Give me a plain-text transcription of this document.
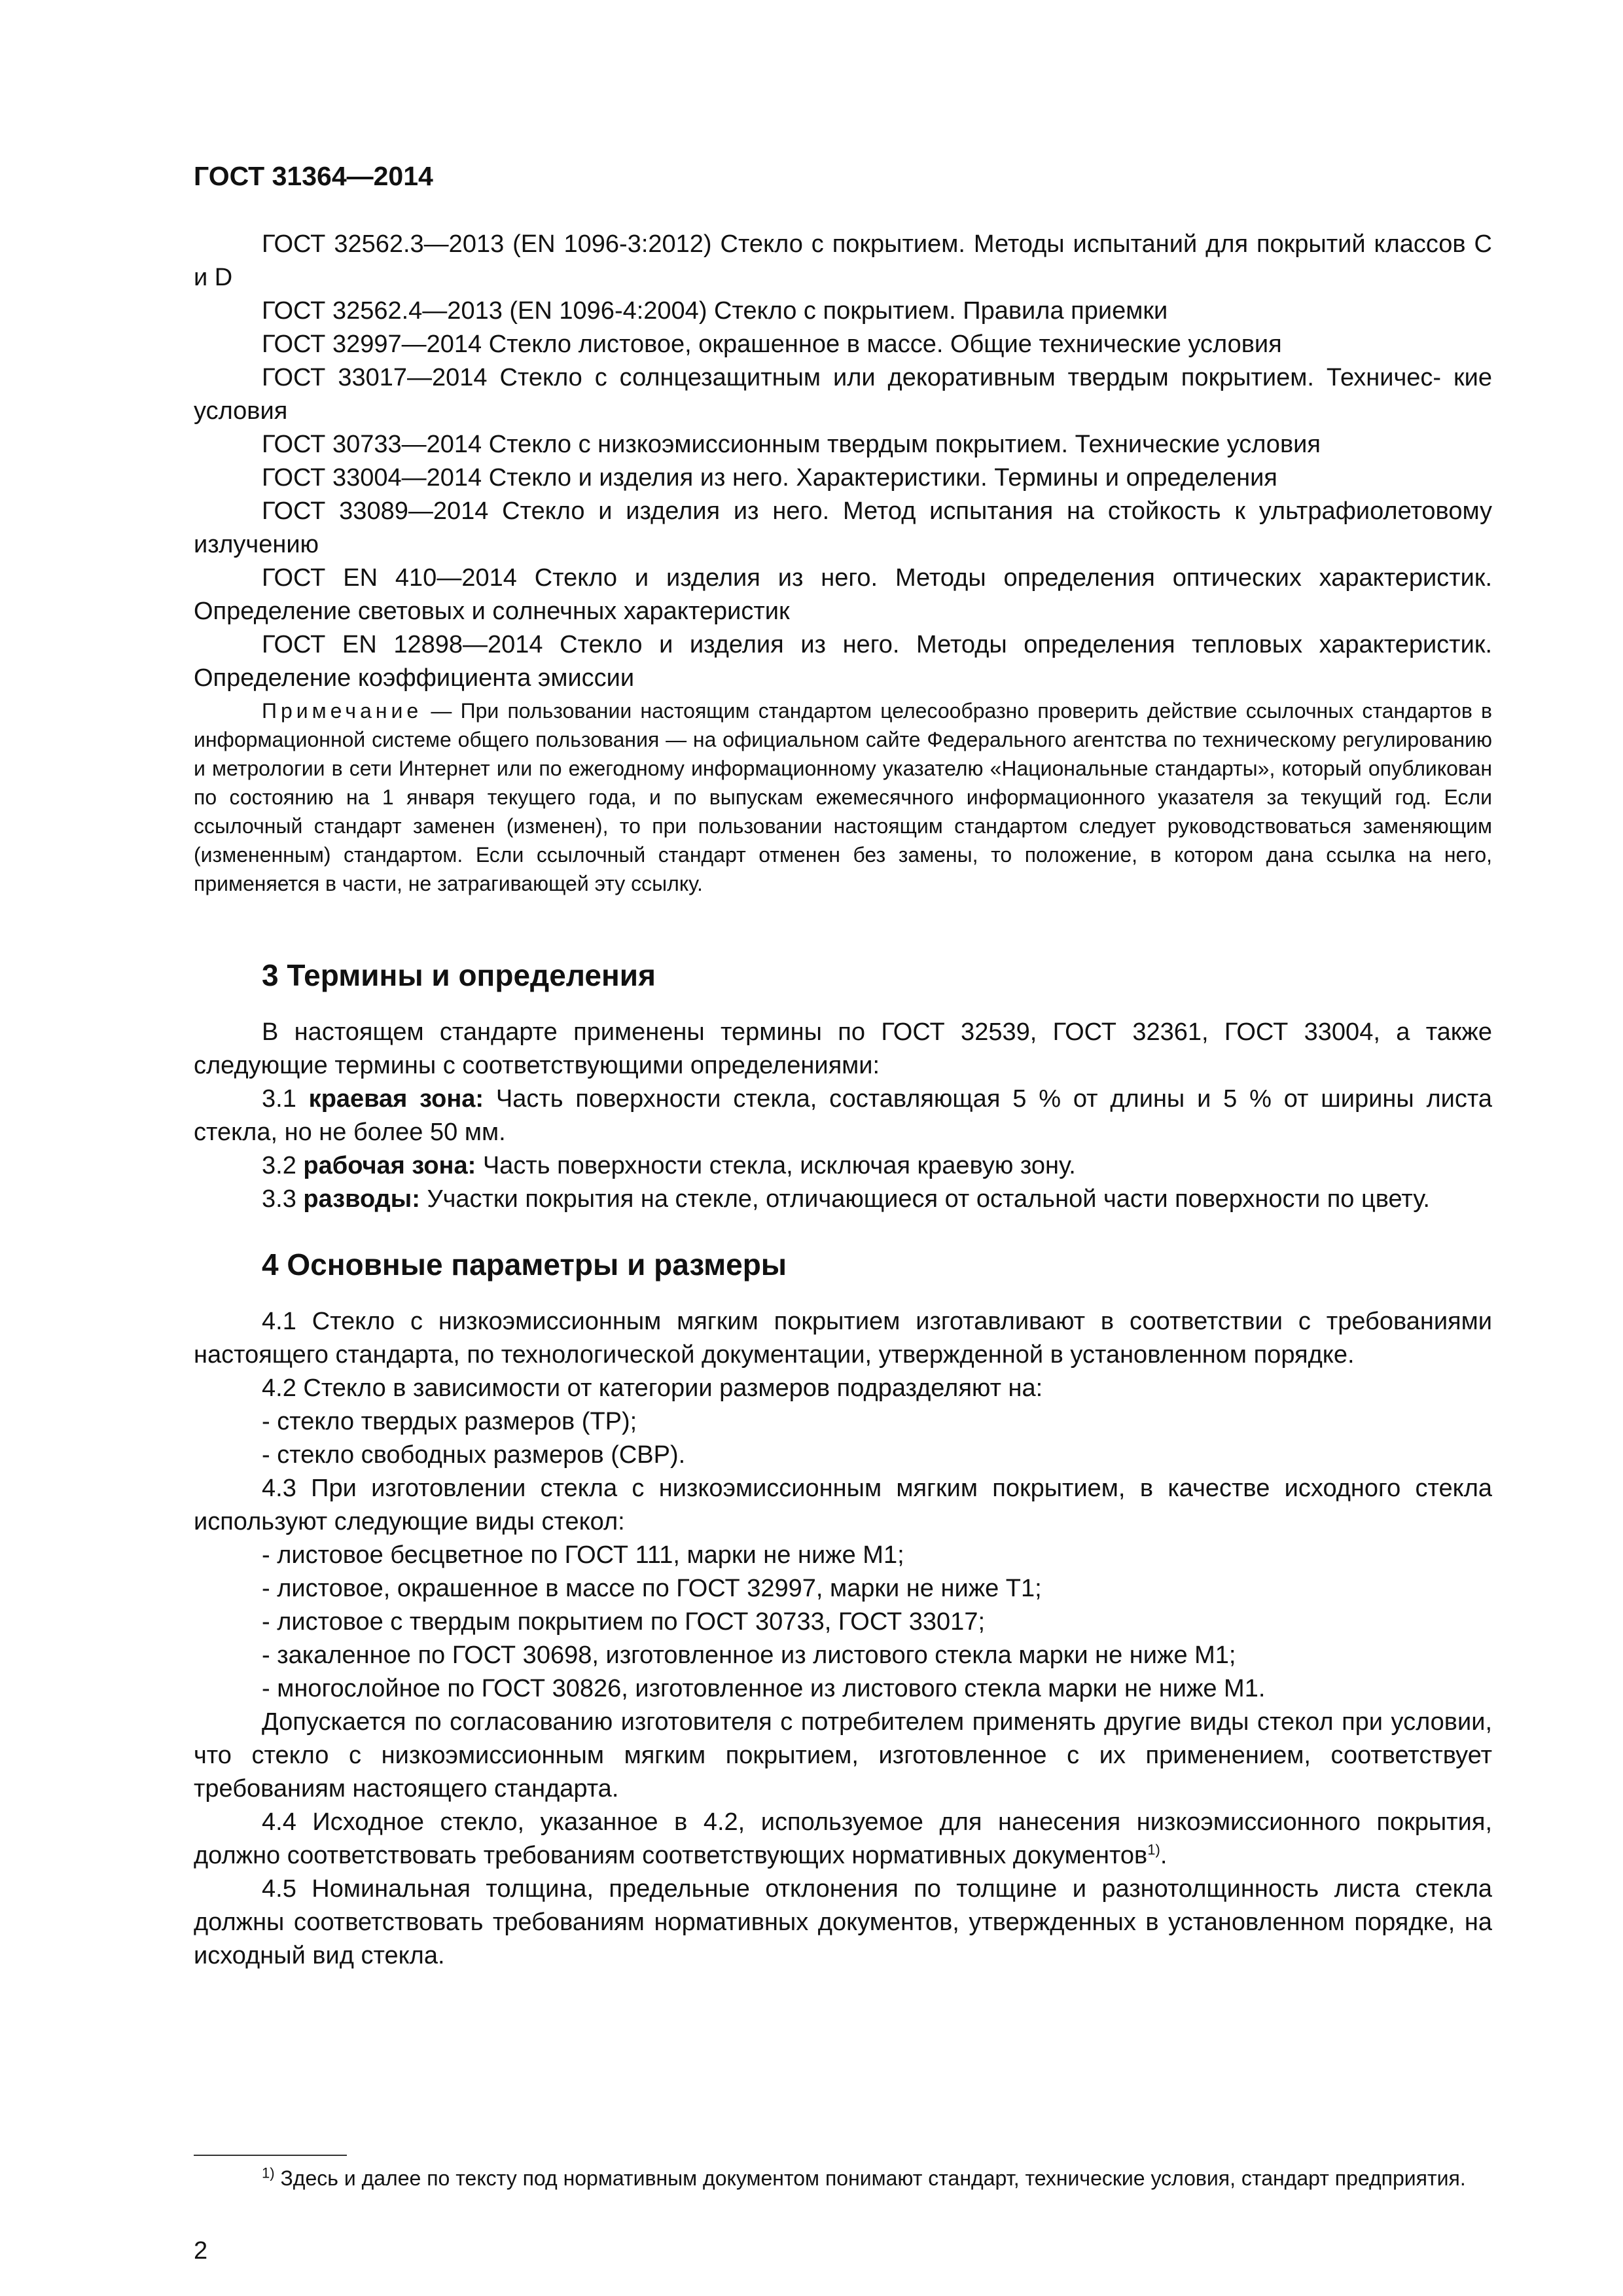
ГОСТ 31364—2014

ГОСТ 32562.3—2013 (EN 1096-3:2012) Стекло с покрытием. Методы испытаний для покрытий классов C и D

ГОСТ 32562.4—2013 (EN 1096-4:2004) Стекло с покрытием. Правила приемки

ГОСТ 32997—2014 Стекло листовое, окрашенное в массе. Общие технические условия

ГОСТ 33017—2014 Стекло с солнцезащитным или декоративным твердым покрытием. Техничес- кие условия

ГОСТ 30733—2014 Стекло с низкоэмиссионным твердым покрытием. Технические условия

ГОСТ 33004—2014 Стекло и изделия из него. Характеристики. Термины и определения

ГОСТ 33089—2014 Стекло и изделия из него. Метод испытания на стойкость к ультрафиолетовому излучению

ГОСТ EN 410—2014 Стекло и изделия из него. Методы определения оптических характеристик. Определение световых и солнечных характеристик

ГОСТ EN 12898—2014 Стекло и изделия из него. Методы определения тепловых характеристик. Определение коэффициента эмиссии

Примечание — При пользовании настоящим стандартом целесообразно проверить действие ссылочных стандартов в информационной системе общего пользования — на официальном сайте Федерального агентства по техническому регулированию и метрологии в сети Интернет или по ежегодному информационному указателю «Национальные стандарты», который опубликован по состоянию на 1 января текущего года, и по выпускам ежемесячного информационного указателя за текущий год. Если ссылочный стандарт заменен (изменен), то при пользовании настоящим стандартом следует руководствоваться заменяющим (измененным) стандартом. Если ссылочный стандарт отменен без замены, то положение, в котором дана ссылка на него, применяется в части, не затрагивающей эту ссылку.

3 Термины и определения

В настоящем стандарте применены термины по ГОСТ 32539, ГОСТ 32361, ГОСТ 33004, а также следующие термины с соответствующими определениями:

3.1 краевая зона: Часть поверхности стекла, составляющая 5 % от длины и 5 % от ширины листа стекла, но не более 50 мм.

3.2 рабочая зона: Часть поверхности стекла, исключая краевую зону.

3.3 разводы: Участки покрытия на стекле, отличающиеся от остальной части поверхности по цвету.

4 Основные параметры и размеры

4.1 Стекло с низкоэмиссионным мягким покрытием изготавливают в соответствии с требованиями настоящего стандарта, по технологической документации, утвержденной в установленном порядке.

4.2 Стекло в зависимости от категории размеров подразделяют на:

- стекло твердых размеров (ТР);

- стекло свободных размеров (СВР).

4.3 При изготовлении стекла с низкоэмиссионным мягким покрытием, в качестве исходного стекла используют следующие виды стекол:

- листовое бесцветное по ГОСТ 111, марки не ниже М1;

- листовое, окрашенное в массе по ГОСТ 32997, марки не ниже Т1;

- листовое с твердым покрытием по ГОСТ 30733, ГОСТ 33017;

- закаленное по ГОСТ 30698, изготовленное из листового стекла марки не ниже М1;

- многослойное по ГОСТ 30826, изготовленное из листового стекла марки не ниже М1.

Допускается по согласованию изготовителя с потребителем применять другие виды стекол при условии, что стекло с низкоэмиссионным мягким покрытием, изготовленное с их применением, соответствует требованиям настоящего стандарта.

4.4 Исходное стекло, указанное в 4.2, используемое для нанесения низкоэмиссионного покрытия, должно соответствовать требованиям соответствующих нормативных документов$^{1)}$.

4.5 Номинальная толщина, предельные отклонения по толщине и разнотолщинность листа стекла должны соответствовать требованиям нормативных документов, утвержденных в установленном порядке, на исходный вид стекла.

$^{1)}$ Здесь и далее по тексту под нормативным документом понимают стандарт, технические условия, стандарт предприятия.

2
